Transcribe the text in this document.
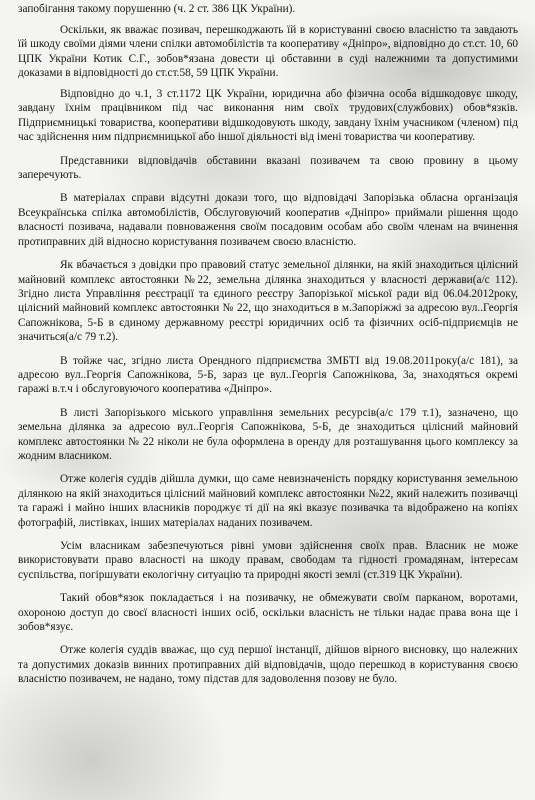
запобігання такому порушенню (ч. 2 ст. 386 ЦК України).

Оскільки, як вважає позивач, перешкоджають їй в користуванні своєю власністю та завдають їй шкоду своїми діями члени спілки автомобілістів та кооперативу «Дніпро», відповідно до ст.ст. 10, 60 ЦПК України Котик С.Г., зобов*язана довести ці обставини в суді належними та допустимими доказами в відповідності до ст.ст.58, 59 ЦПК України.

Відповідно до ч.1, 3 ст.1172 ЦК України, юридична або фізична особа відшкодовує шкоду, завдану їхнім працівником під час виконання ним своїх трудових(службових) обов*язків. Підприємницькі товариства, кооперативи відшкодовують шкоду, завдану їхнім учасником (членом) під час здійснення ним підприємницької або іншої діяльності від імені товариства чи кооперативу.

Представники відповідачів обставини вказані позивачем та свою провину в цьому заперечують.

В матеріалах справи відсутні докази того, що відповідачі Запорізька обласна організація Всеукраїнська спілка автомобілістів, Обслуговуючий кооператив «Дніпро» приймали рішення щодо власності позивача, надавали повноваження своїм посадовим особам або своїм членам на вчинення протиправних дій відносно користування позивачем своєю власністю.

Як вбачається з довідки про правовий статус земельної ділянки, на якій знаходиться цілісний майновий комплекс автостоянки №22, земельна ділянка знаходиться у власності держави(а/с 112). Згідно листа Управління реєстрації та єдиного реєстру Запорізької міської ради від 06.04.2012року, цілісний майновий комплекс автостоянки № 22, що знаходиться в м.Запоріжжі за адресою вул..Георгія Сапожнікова, 5-Б в єдиному державному реєстрі юридичних осіб та фізичних осіб-підприємців не значиться(а/с 79 т.2).

В тойже час, згідно листа Орендного підприємства ЗМБТІ від 19.08.2011року(а/с 181), за адресою вул..Георгія Сапожнікова, 5-Б, зараз це вул..Георгія Сапожнікова, 3а, знаходяться окремі гаражі в.т.ч і обслуговуючого кооператива «Дніпро».

В листі Запорізького міського управління земельних ресурсів(а/с 179 т.1), зазначено, що земельна ділянка за адресою вул..Георгія Сапожнікова, 5-Б, де знаходиться цілісний майновий комплекс автостоянки № 22 ніколи не була оформлена в оренду для розташування цього комплексу за жодним власником.

Отже колегія суддів дійшла думки, що саме невизначеність порядку користування земельною ділянкою на якій знаходиться цілісний майновий комплекс автостоянки №22, який належить позивачці та гаражі і майно інших власників породжує ті дії на які вказує позивачка та відображено на копіях фотографій, листівках, інших матеріалах наданих позивачем.

Усім власникам забезпечуються рівні умови здійснення своїх прав. Власник не може використовувати право власності на шкоду правам, свободам та гідності громадянам, інтересам суспільства, погіршувати екологічну ситуацію та природні якості землі (ст.319 ЦК України).

Такий обов*язок покладається і на позивачку, не обмежувати своїм парканом, воротами, охороною доступ до своєї власності інших осіб, оскільки власність не тільки надає права вона ще і зобов*язує.

Отже колегія суддів вважає, що суд першої інстанції, дійшов вірного висновку, що належних та допустимих доказів винних протиправних дій відповідачів, щодо перешкод в користування своєю власністю позивачем, не надано, тому підстав для задоволення позову не було.
